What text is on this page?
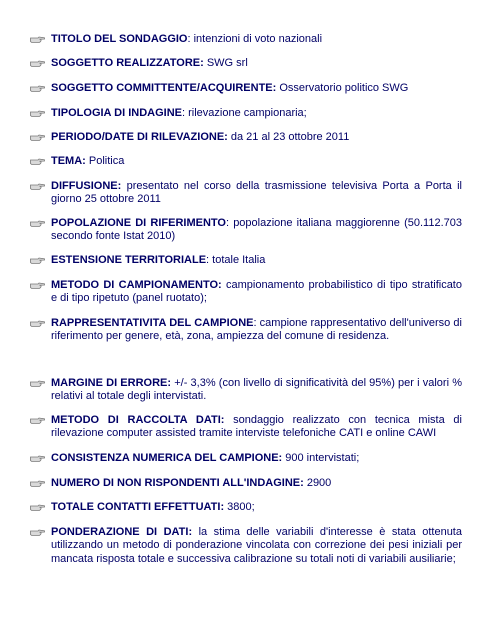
TITOLO DEL SONDAGGIO: intenzioni di voto nazionali
SOGGETTO REALIZZATORE: SWG srl
SOGGETTO COMMITTENTE/ACQUIRENTE: Osservatorio politico SWG
TIPOLOGIA DI INDAGINE: rilevazione campionaria;
PERIODO/DATE DI RILEVAZIONE: da 21 al 23 ottobre 2011
TEMA: Politica
DIFFUSIONE: presentato nel corso della trasmissione televisiva Porta a Porta il giorno 25 ottobre 2011
POPOLAZIONE DI RIFERIMENTO: popolazione italiana maggiorenne (50.112.703 secondo fonte Istat 2010)
ESTENSIONE TERRITORIALE: totale Italia
METODO DI CAMPIONAMENTO: campionamento probabilistico di tipo stratificato e di tipo ripetuto (panel ruotato);
RAPPRESENTATIVITA DEL CAMPIONE: campione rappresentativo dell'universo di riferimento per genere, età, zona, ampiezza del comune di residenza.
MARGINE DI ERRORE: +/- 3,3% (con livello di significatività del 95%) per i valori % relativi al totale degli intervistati.
METODO DI RACCOLTA DATI: sondaggio realizzato con tecnica mista di rilevazione computer assisted tramite interviste telefoniche CATI e online CAWI
CONSISTENZA NUMERICA DEL CAMPIONE: 900 intervistati;
NUMERO DI NON RISPONDENTI ALL'INDAGINE: 2900
TOTALE CONTATTI EFFETTUATI: 3800;
PONDERAZIONE DI DATI: la stima delle variabili d'interesse è stata ottenuta utilizzando un metodo di ponderazione vincolata con correzione dei pesi iniziali per mancata risposta totale e successiva calibrazione su totali noti di variabili ausiliarie;
